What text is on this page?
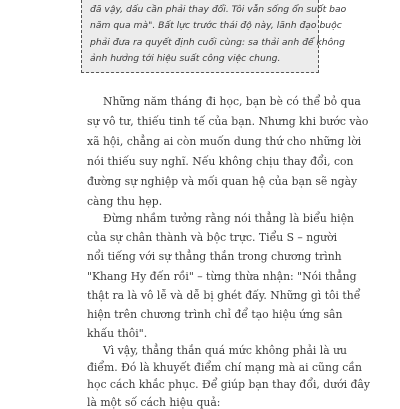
đã vậy, dấu cần phải thay đổi. Tôi vẫn sống ổn suốt bao
năm qua mà". Bất lực trước thái độ này, lãnh đạo buộc
phải đưa ra quyết định cuối cùng: sa thải anh để không
ảnh hưởng tới hiệu suất công việc chung.
Những năm tháng đi học, bạn bè có thể bỏ qua
sự vô tư, thiếu tinh tế của bạn. Nhưng khi bước vào
xã hội, chẳng ai còn muốn dung thứ cho những lời
nói thiếu suy nghĩ. Nếu không chịu thay đổi, con
đường sự nghiệp và mối quan hệ của bạn sẽ ngày
càng thu hẹp.
Đừng nhầm tưởng rằng nói thẳng là biểu hiện
của sự chân thành và bộc trực. Tiểu S – người
nổi tiếng với sự thẳng thắn trong chương trình
"Khang Hy đến rồi" – từng thừa nhận: "Nói thẳng
thật ra là vô lễ và dễ bị ghét đấy. Những gì tôi thể
hiện trên chương trình chỉ để tạo hiệu ứng sân
khấu thôi".
Vì vậy, thẳng thắn quá mức không phải là ưu
điểm. Đó là khuyết điểm chí mạng mà ai cũng cần
học cách khắc phục. Để giúp bạn thay đổi, dưới đây
là một số cách hiệu quả:
